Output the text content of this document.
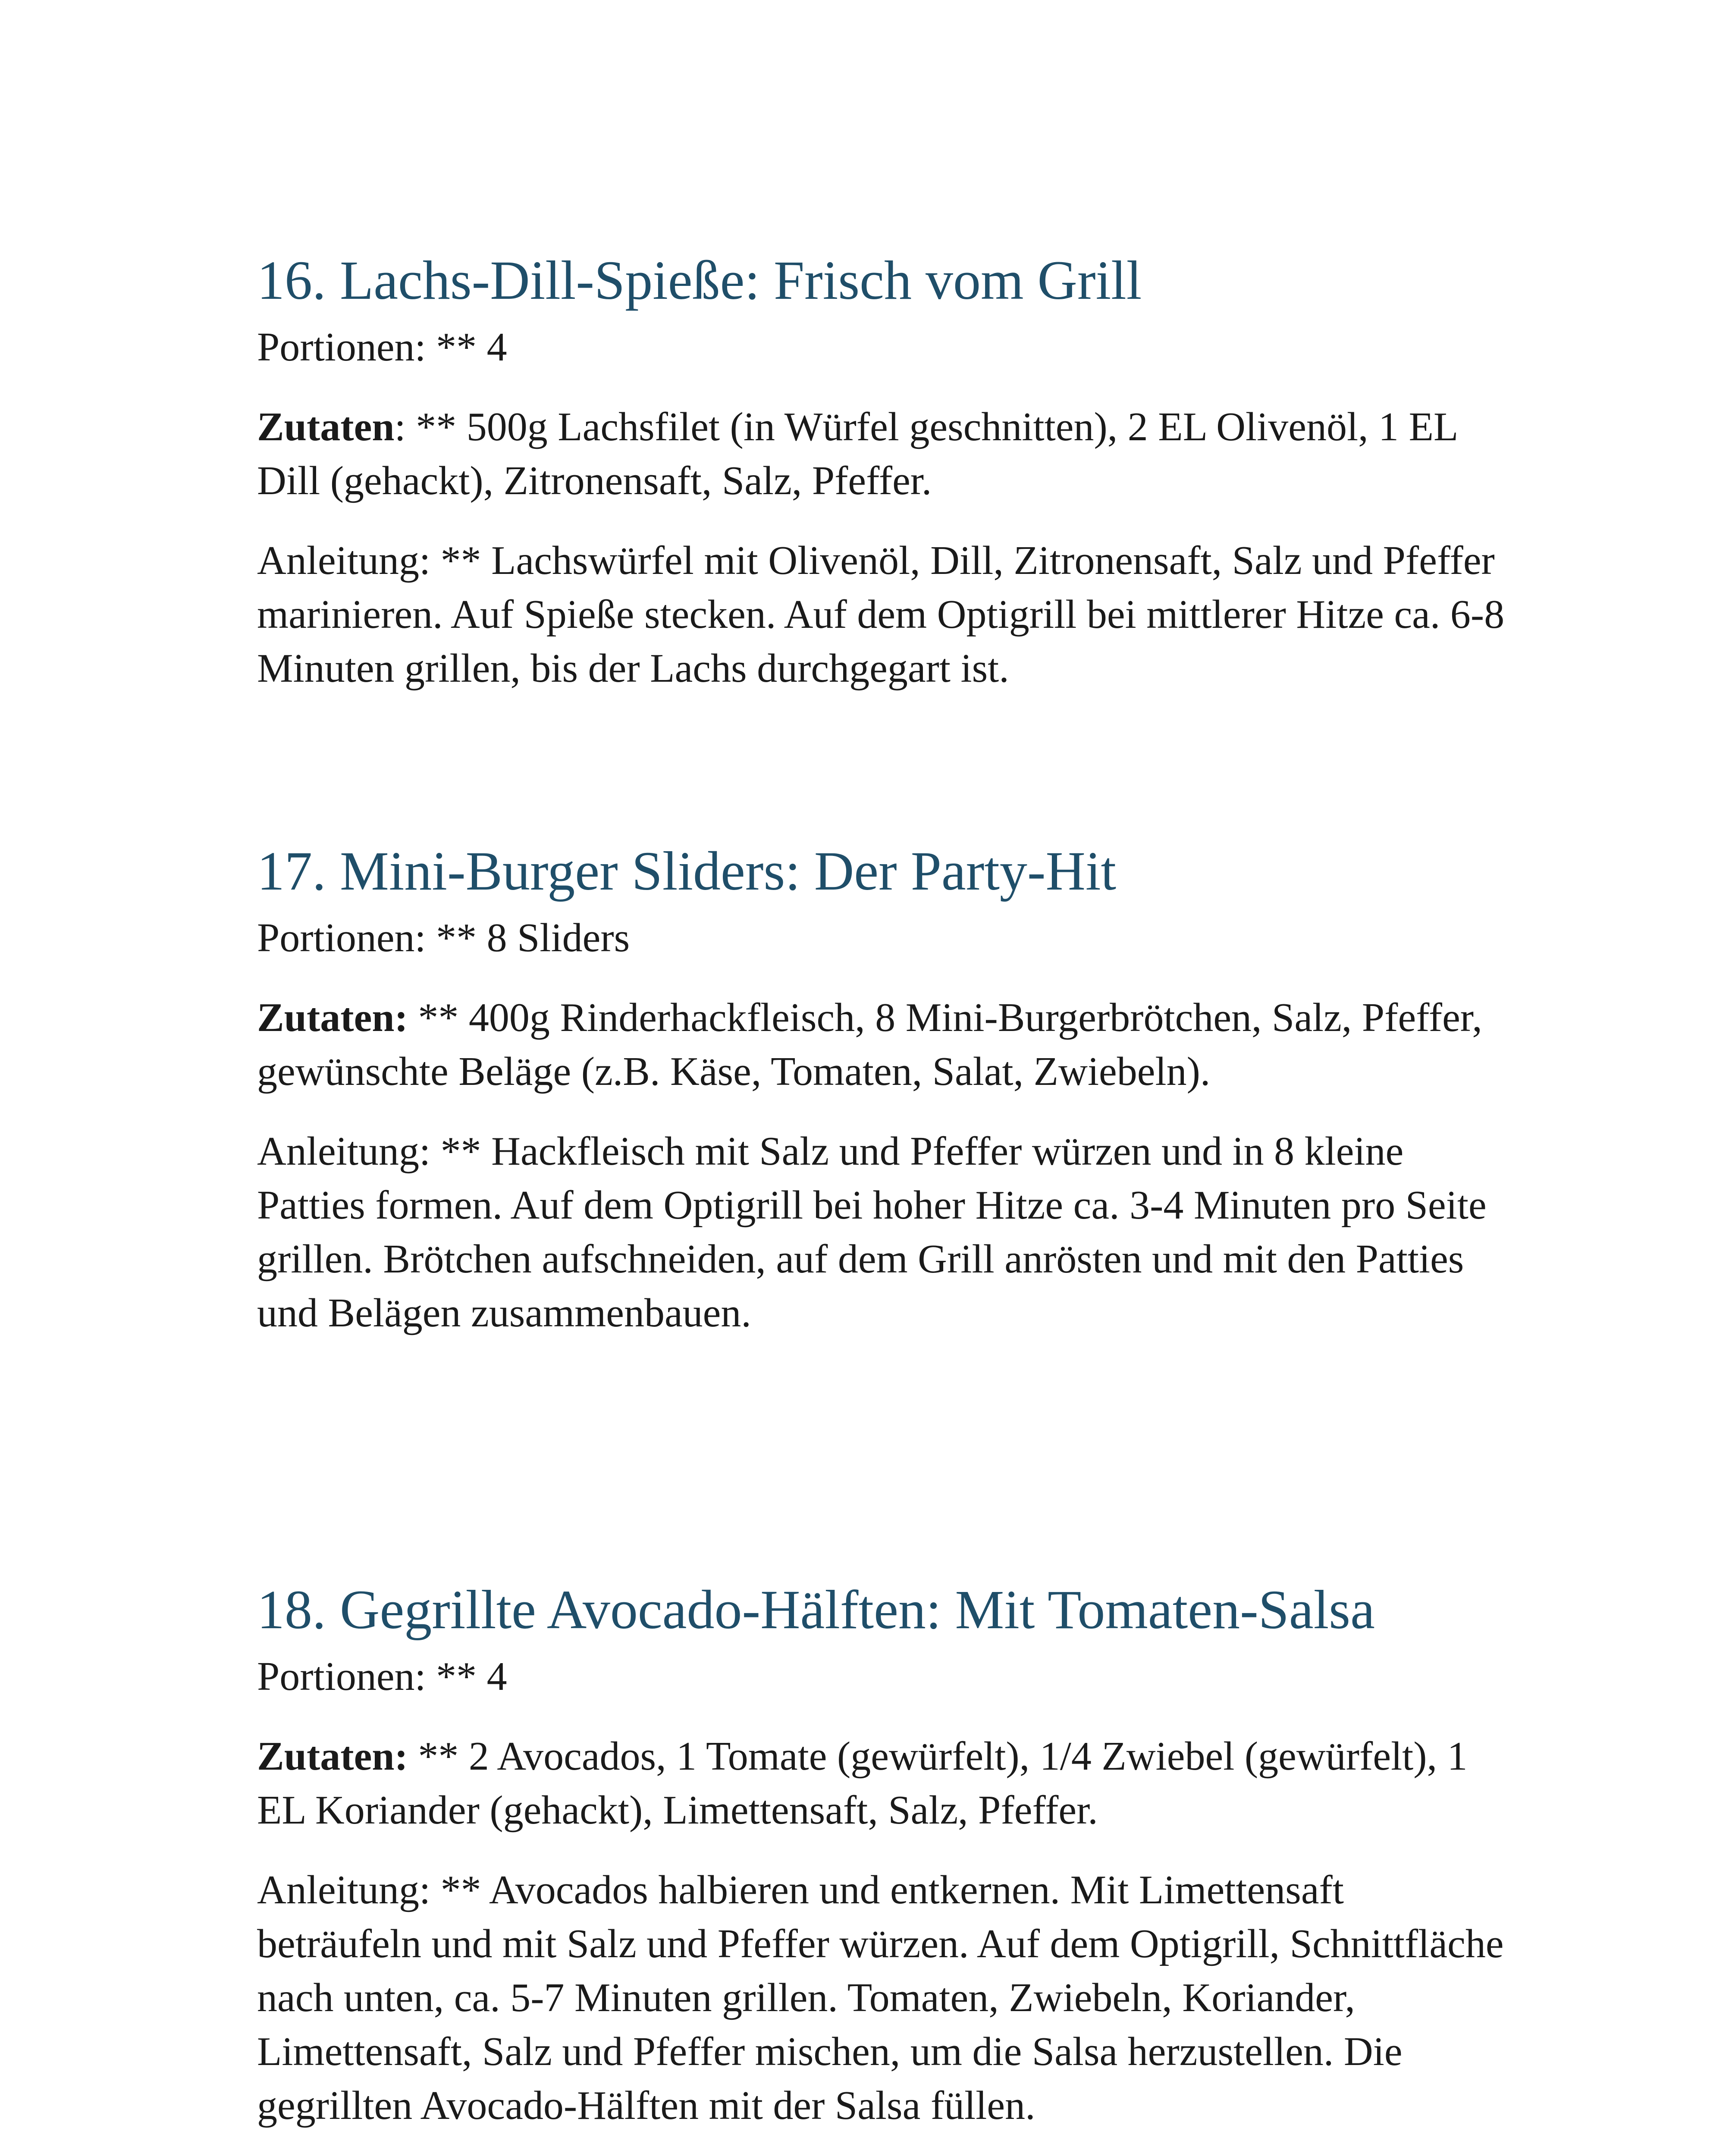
16. Lachs-Dill-Spieße: Frisch vom Grill

Portionen: ** 4

Zutaten: ** 500g Lachsfilet (in Würfel geschnitten), 2 EL Olivenöl, 1 EL Dill (gehackt), Zitronensaft, Salz, Pfeffer.

Anleitung: ** Lachswürfel mit Olivenöl, Dill, Zitronensaft, Salz und Pfeffer marinieren. Auf Spieße stecken. Auf dem Optigrill bei mittlerer Hitze ca. 6-8 Minuten grillen, bis der Lachs durchgegart ist.

17. Mini-Burger Sliders: Der Party-Hit

Portionen: ** 8 Sliders

Zutaten: ** 400g Rinderhackfleisch, 8 Mini-Burgerbrötchen, Salz, Pfeffer, gewünschte Beläge (z.B. Käse, Tomaten, Salat, Zwiebeln).

Anleitung: ** Hackfleisch mit Salz und Pfeffer würzen und in 8 kleine Patties formen. Auf dem Optigrill bei hoher Hitze ca. 3-4 Minuten pro Seite grillen. Brötchen aufschneiden, auf dem Grill anrösten und mit den Patties und Belägen zusammenbauen.

18. Gegrillte Avocado-Hälften: Mit Tomaten-Salsa

Portionen: ** 4

Zutaten: ** 2 Avocados, 1 Tomate (gewürfelt), 1/4 Zwiebel (gewürfelt), 1 EL Koriander (gehackt), Limettensaft, Salz, Pfeffer.

Anleitung: ** Avocados halbieren und entkernen. Mit Limettensaft beträufeln und mit Salz und Pfeffer würzen. Auf dem Optigrill, Schnittfläche nach unten, ca. 5-7 Minuten grillen. Tomaten, Zwiebeln, Koriander, Limettensaft, Salz und Pfeffer mischen, um die Salsa herzustellen. Die gegrillten Avocado-Hälften mit der Salsa füllen.
